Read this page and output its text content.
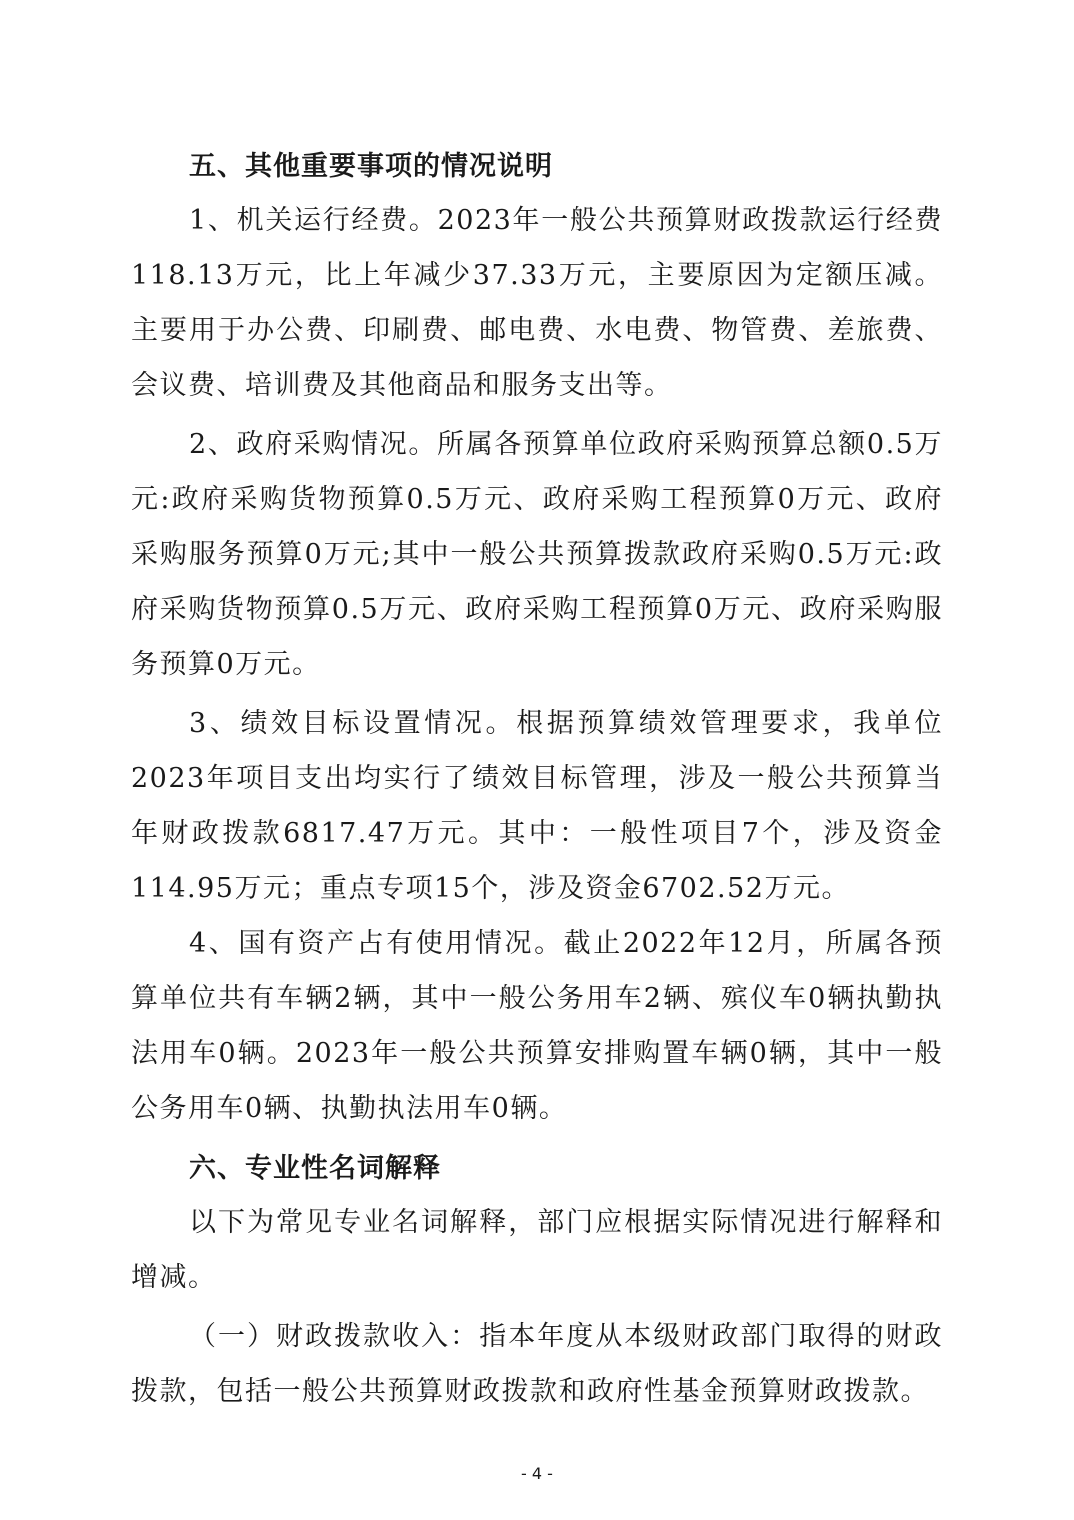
五、其他重要事项的情况说明

1、机关运行经费。2023年一般公共预算财政拨款运行经费118.13万元，比上年减少37.33万元，主要原因为定额压减。主要用于办公费、印刷费、邮电费、水电费、物管费、差旅费、会议费、培训费及其他商品和服务支出等。

2、政府采购情况。所属各预算单位政府采购预算总额0.5万元:政府采购货物预算0.5万元、政府采购工程预算0万元、政府采购服务预算0万元;其中一般公共预算拨款政府采购0.5万元:政府采购货物预算0.5万元、政府采购工程预算0万元、政府采购服务预算0万元。

3、绩效目标设置情况。根据预算绩效管理要求，我单位2023年项目支出均实行了绩效目标管理，涉及一般公共预算当年财政拨款6817.47万元。其中：一般性项目7个，涉及资金114.95万元；重点专项15个，涉及资金6702.52万元。

4、国有资产占有使用情况。截止2022年12月，所属各预算单位共有车辆2辆，其中一般公务用车2辆、殡仪车0辆执勤执法用车0辆。2023年一般公共预算安排购置车辆0辆，其中一般公务用车0辆、执勤执法用车0辆。

六、专业性名词解释

以下为常见专业名词解释，部门应根据实际情况进行解释和增减。

（一）财政拨款收入：指本年度从本级财政部门取得的财政拨款，包括一般公共预算财政拨款和政府性基金预算财政拨款。

- 4 -
